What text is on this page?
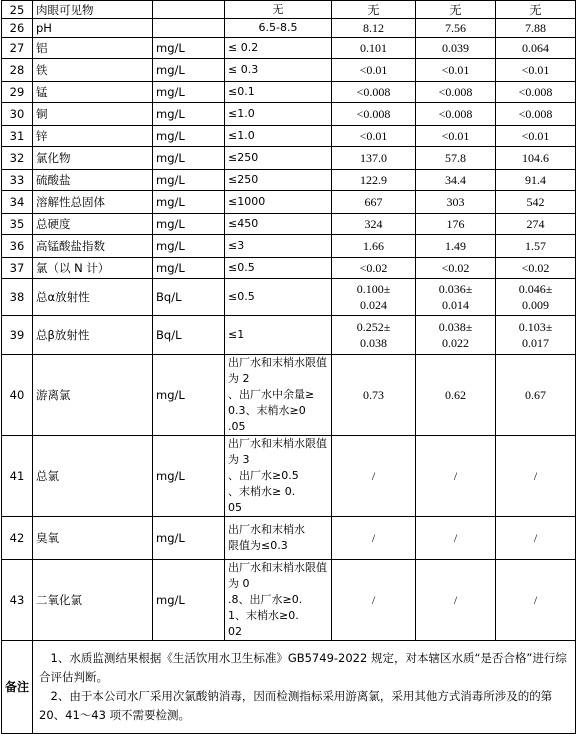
25	肉眼可见物		无	无	无	无
26	pH		6.5-8.5	8.12	7.56	7.88
27	铝	mg/L	≤ 0.2	0.101	0.039	0.064
28	铁	mg/L	≤ 0.3	<0.01	<0.01	<0.01
29	锰	mg/L	≤0.1	<0.008	<0.008	<0.008
30	铜	mg/L	≤1.0	<0.008	<0.008	<0.008
31	锌	mg/L	≤1.0	<0.01	<0.01	<0.01
32	氯化物	mg/L	≤250	137.0	57.8	104.6
33	硫酸盐	mg/L	≤250	122.9	34.4	91.4
34	溶解性总固体	mg/L	≤1000	667	303	542
35	总硬度	mg/L	≤450	324	176	274
36	高锰酸盐指数	mg/L	≤3	1.66	1.49	1.57
37	氯（以 N 计）	mg/L	≤0.5	<0.02	<0.02	<0.02
38	总α放射性	Bq/L	≤0.5	0.100±
0.024	0.036±
0.014	0.046±
0.009

39	总β放射性	Bq/L	≤1	0.252±
0.038	0.038±
0.022	0.103±
0.017

40	游离氯	mg/L	出厂水和末梢水限值为 2
、出厂水中余量≥
0.3、末梢水≥0
.05	0.73	0.62	0.67
41	总氯	mg/L	出厂水和末梢水限值为 3
、出厂水≥0.5
、末梢水≥ 0.
05	/	/	/
42	臭氧	mg/L	出厂水和末梢水
限值为≤0.3	/	/	/
43	二氧化氯	mg/L	出厂水和末梢水限值为 0
.8、出厂水≥0.
1、末梢水≥0.
02	/	/	/
备注	1、水质监测结果根据《生活饮用水卫生标准》GB5749-2022 规定，对本辖区水质“是否合格”进行综合评估判断。
2、由于本公司水厂采用次氯酸钠消毒，因而检测指标采用游离氯，采用其他方式消毒所涉及的的第 20、41～43 项不需要检测。					
